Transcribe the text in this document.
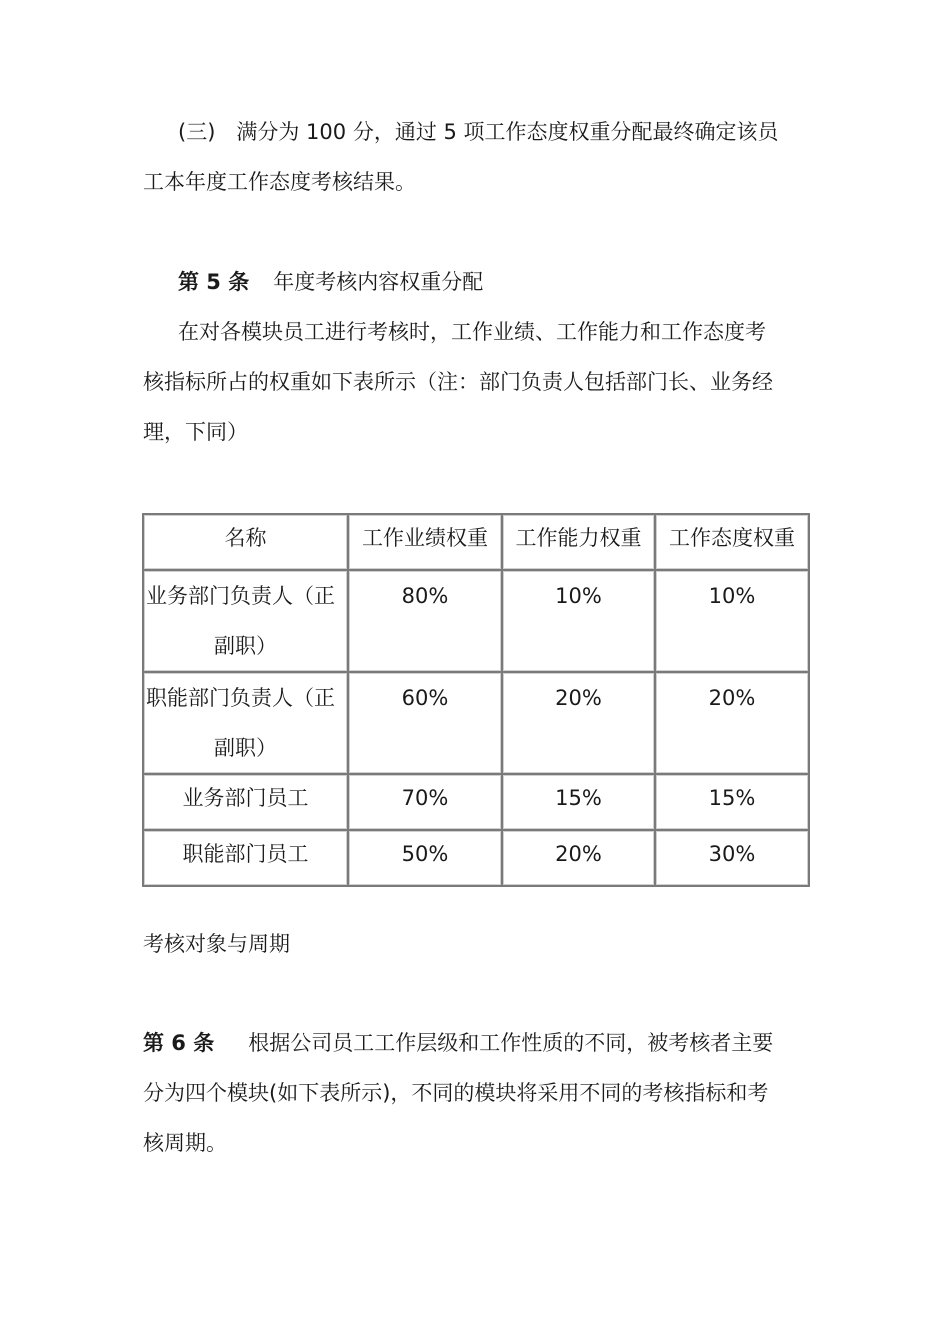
(三)　满分为 100 分，通过 5 项工作态度权重分配最终确定该员
工本年度工作态度考核结果。
第 5 条 年度考核内容权重分配
在对各模块员工进行考核时，工作业绩、工作能力和工作态度考
核指标所占的权重如下表所示（注：部门负责人包括部门长、业务经
理，下同）
名称	工作业绩权重	工作能力权重	工作态度权重

业务部门负责人（正
副职）	80%	10%	10%

职能部门负责人（正
副职）	60%	20%	20%
业务部门员工	70%	15%	15%
职能部门员工	50%	20%	30%
考核对象与周期
第 6 条 根据公司员工工作层级和工作性质的不同，被考核者主要
分为四个模块(如下表所示)，不同的模块将采用不同的考核指标和考
核周期。
